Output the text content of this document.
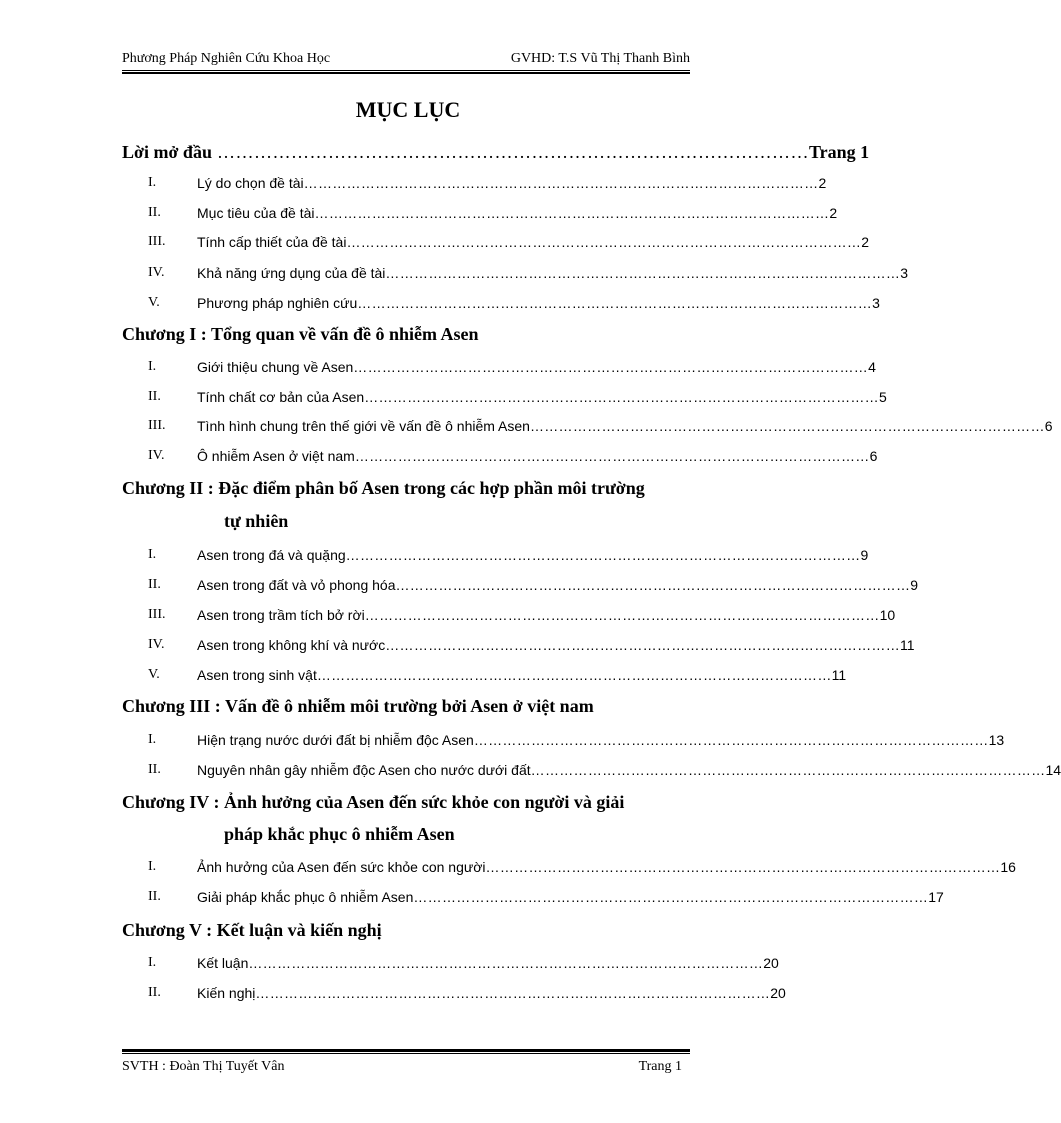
Phương Pháp Nghiên Cứu Khoa Học	GVHD: T.S Vũ Thị Thanh Bình
MỤC LỤC
Lời mở đầu …………………………………………………………………………………… Trang 1
I.	Lý do chọn đề tài ……………………………………………………………………………………………… 2
II.	Mục tiêu của đề tài ……………………………………………………………………………………………… 2
III. Tính cấp thiết của đề tài ……………………………………………………………………………………………… 2
IV. Khả năng ứng dụng của đề tài ……………………………………………………………………………………………… 3
V.	Phương pháp nghiên cứu ……………………………………………………………………………………………… 3
Chương I : Tổng quan về vấn đề ô nhiễm Asen
I.	Giới thiệu chung về Asen ……………………………………………………………………………………………… 4
II.	Tính chất cơ bản của Asen ……………………………………………………………………………………………… 5
III. Tình hình chung trên thế giới về vấn đề ô nhiễm Asen ……………………………………………………………………………………………… 6
IV. Ô nhiễm Asen ở việt nam ……………………………………………………………………………………………… 6
Chương II : Đặc điểm phân bố Asen trong các hợp phần môi trường
tự nhiên
I.	Asen trong đá và quặng ……………………………………………………………………………………………… 9
II.	Asen trong đất và vỏ phong hóa ……………………………………………………………………………………………… 9
III. Asen trong trầm tích bở rời ……………………………………………………………………………………………… 10
IV. Asen trong không khí và nước ……………………………………………………………………………………………… 11
V.	Asen trong sinh vật ……………………………………………………………………………………………… 11
Chương III : Vấn đề ô nhiễm môi trường bởi Asen ở việt nam
I.	Hiện trạng nước dưới đất bị nhiễm độc Asen ……………………………………………………………………………………………… 13
II.	Nguyên nhân gây nhiễm độc Asen cho nước dưới đất ……………………………………………………………………………………………… 14
Chương IV : Ảnh hưởng của Asen đến sức khỏe con người và giải
pháp khắc phục ô nhiễm Asen
I.	Ảnh hưởng của Asen đến sức khỏe con người ……………………………………………………………………………………………… 16
II.	Giải pháp khắc phục ô nhiễm Asen ……………………………………………………………………………………………… 17
Chương V : Kết luận và kiến nghị
I.	Kết luận ……………………………………………………………………………………………… 20
II.	Kiến nghị ……………………………………………………………………………………………… 20
SVTH : Đoàn Thị Tuyết Vân	Trang 1
